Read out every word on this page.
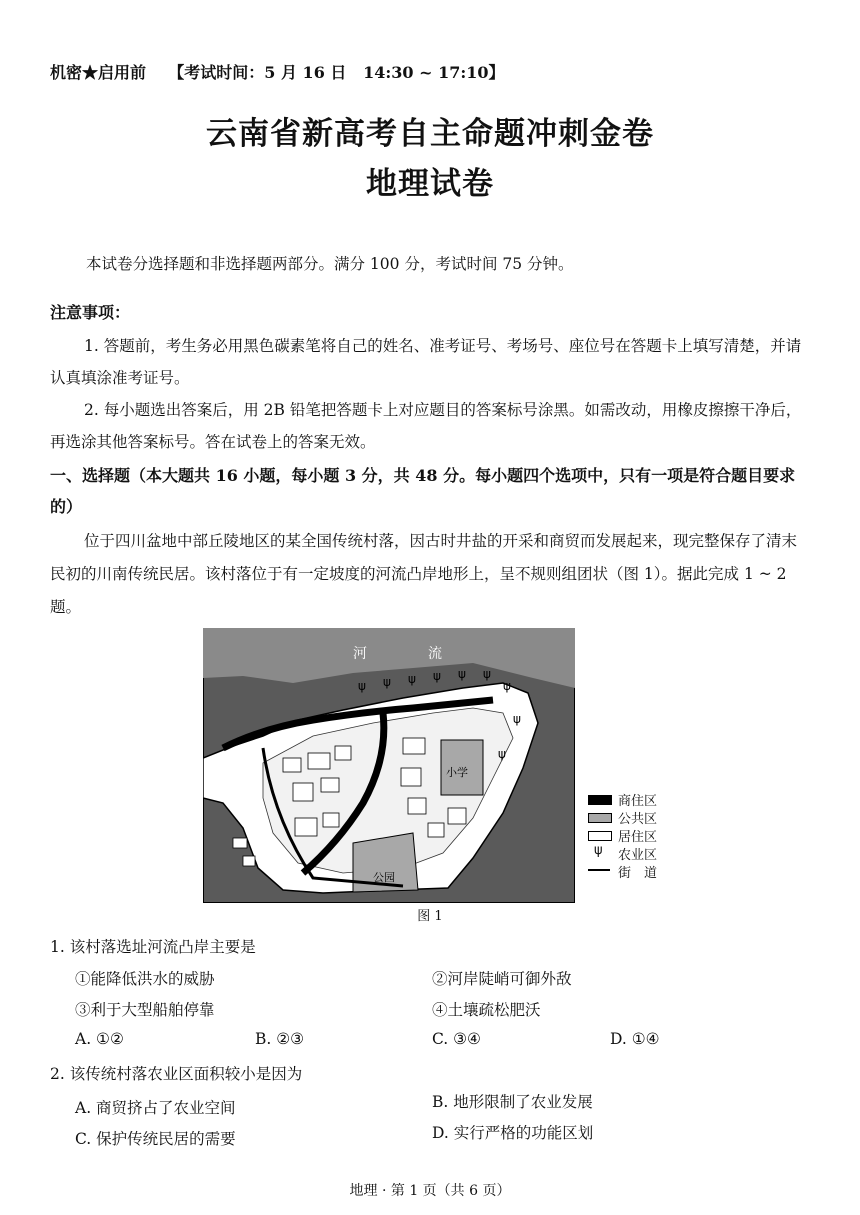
机密★启用前    【考试时间：5 月 16 日   14:30 ~ 17:10】
云南省新高考自主命题冲刺金卷
地理试卷
本试卷分选择题和非选择题两部分。满分 100 分，考试时间 75 分钟。
注意事项：
1. 答题前，考生务必用黑色碳素笔将自己的姓名、准考证号、考场号、座位号在答题卡上填写清楚，并请认真填涂准考证号。
2. 每小题选出答案后，用 2B 铅笔把答题卡上对应题目的答案标号涂黑。如需改动，用橡皮擦擦干净后，再选涂其他答案标号。答在试卷上的答案无效。
一、选择题（本大题共 16 小题，每小题 3 分，共 48 分。每小题四个选项中，只有一项是符合题目要求的）
位于四川盆地中部丘陵地区的某全国传统村落，因古时井盐的开采和商贸而发展起来，现完整保存了清末民初的川南传统民居。该村落位于有一定坡度的河流凸岸地形上，呈不规则组团状（图 1）。据此完成 1 ~ 2 题。
小学
公园
ψ ψ ψ ψ ψ ψ
ψ
ψ
ψ
河	流
商住区
公共区
居住区
ψ 农业区
街　道
图 1
1. 该村落选址河流凸岸主要是
①能降低洪水的威胁	②河岸陡峭可御外敌
③利于大型船舶停靠	④土壤疏松肥沃
A. ①②	B. ②③	C. ③④	D. ①④
2. 该传统村落农业区面积较小是因为
A. 商贸挤占了农业空间	B. 地形限制了农业发展
C. 保护传统民居的需要	D. 实行严格的功能区划
地理 · 第 1 页（共 6 页）
